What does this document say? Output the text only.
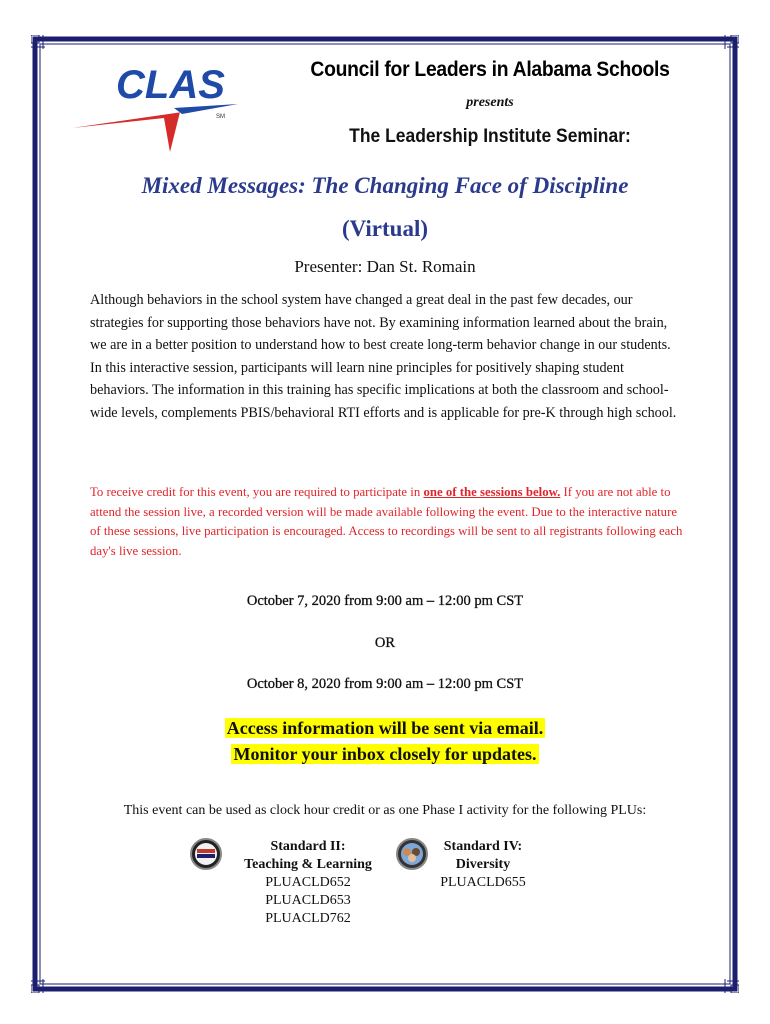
CLAS
SM
Council for Leaders in Alabama Schools
presents
The Leadership Institute Seminar:
Mixed Messages: The Changing Face of Discipline
(Virtual)
Presenter: Dan St. Romain
Although behaviors in the school system have changed a great deal in the past few decades, our strategies for supporting those behaviors have not. By examining information learned about the brain, we are in a better position to understand how to best create long-term behavior change in our students. In this interactive session, participants will learn nine principles for positively shaping student behaviors. The information in this training has specific implications at both the classroom and school-wide levels, complements PBIS/behavioral RTI efforts and is applicable for pre-K through high school.
To receive credit for this event, you are required to participate in one of the sessions below. If you are not able to attend the session live, a recorded version will be made available following the event. Due to the interactive nature of these sessions, live participation is encouraged. Access to recordings will be sent to all registrants following each day's live session.
October 7, 2020 from 9:00 am – 12:00 pm CST
OR
October 8, 2020 from 9:00 am – 12:00 pm CST
Access information will be sent via email.
Monitor your inbox closely for updates.
This event can be used as clock hour credit or as one Phase I activity for the following PLUs:
Standard II:
Teaching & Learning
PLUACLD652
PLUACLD653
PLUACLD762
Standard IV:
Diversity
PLUACLD655
